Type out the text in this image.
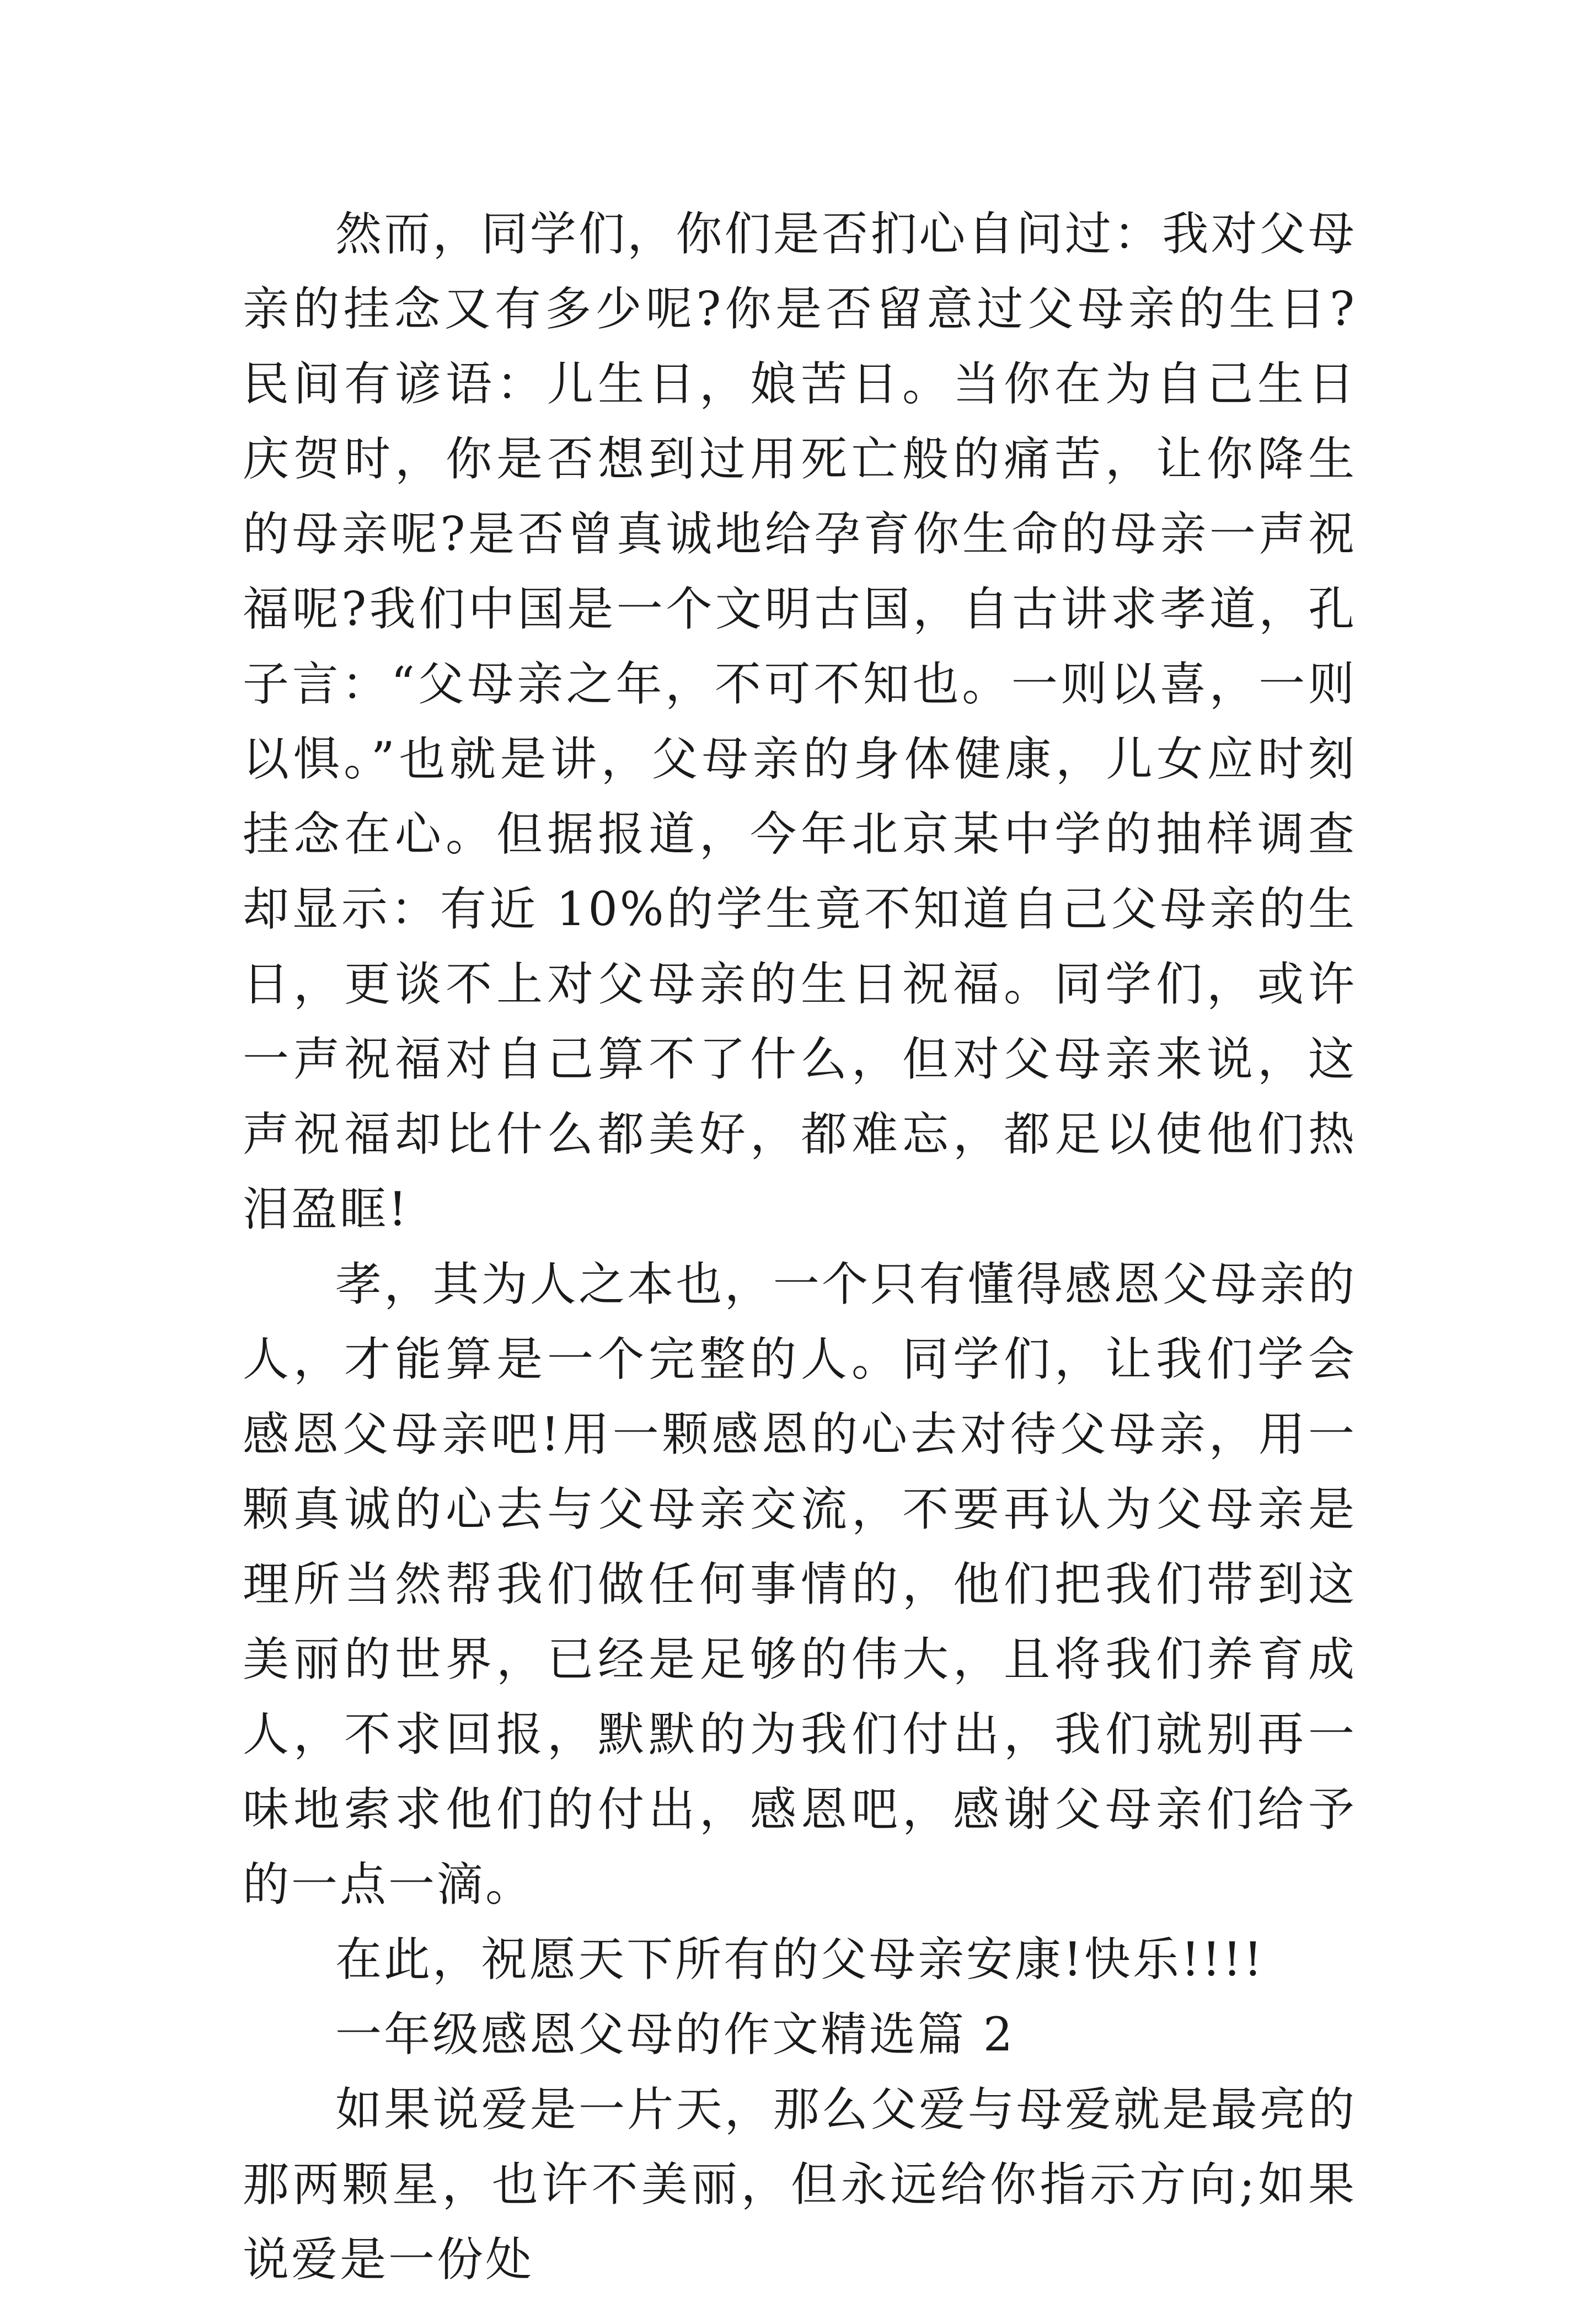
然而，同学们，你们是否扪心自问过：我对父母亲的挂念又有多少呢?你是否留意过父母亲的生日?民间有谚语：儿生日，娘苦日。当你在为自己生日庆贺时，你是否想到过用死亡般的痛苦，让你降生的母亲呢?是否曾真诚地给孕育你生命的母亲一声祝福呢?我们中国是一个文明古国，自古讲求孝道，孔子言：“父母亲之年，不可不知也。一则以喜，一则以惧。”也就是讲，父母亲的身体健康，儿女应时刻挂念在心。但据报道，今年北京某中学的抽样调查却显示：有近 10%的学生竟不知道自己父母亲的生日，更谈不上对父母亲的生日祝福。同学们，或许一声祝福对自己算不了什么，但对父母亲来说，这声祝福却比什么都美好，都难忘，都足以使他们热泪盈眶!

孝，其为人之本也，一个只有懂得感恩父母亲的人，才能算是一个完整的人。同学们，让我们学会感恩父母亲吧!用一颗感恩的心去对待父母亲，用一颗真诚的心去与父母亲交流，不要再认为父母亲是理所当然帮我们做任何事情的，他们把我们带到这美丽的世界，已经是足够的伟大，且将我们养育成人，不求回报，默默的为我们付出，我们就别再一味地索求他们的付出，感恩吧，感谢父母亲们给予的一点一滴。

在此，祝愿天下所有的父母亲安康!快乐!!!!

一年级感恩父母的作文精选篇 2

如果说爱是一片天，那么父爱与母爱就是最亮的那两颗星，也许不美丽，但永远给你指示方向;如果说爱是一份处
